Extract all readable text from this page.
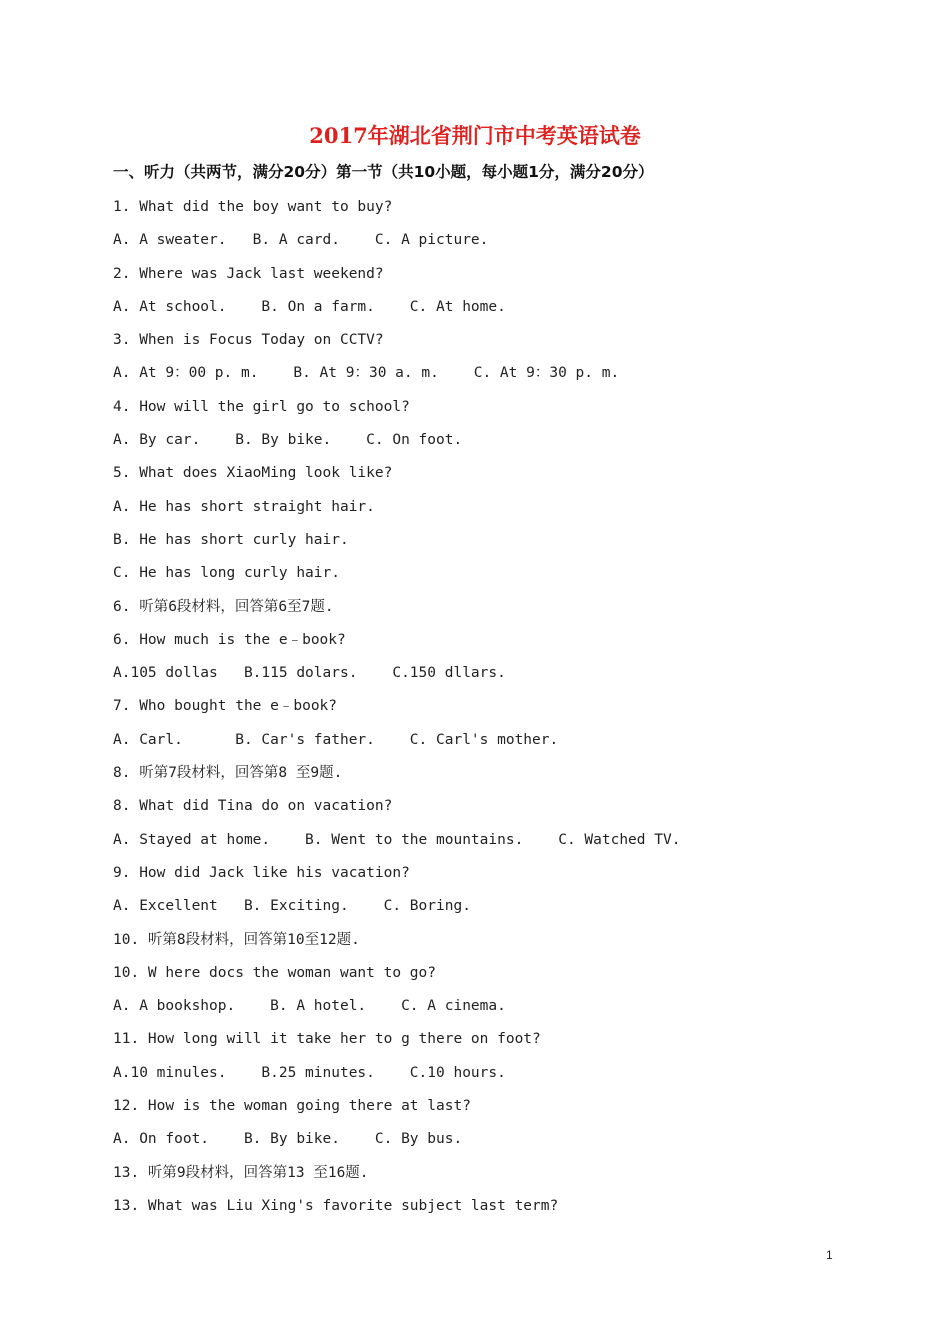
2017年湖北省荆门市中考英语试卷
一、听力（共两节，满分20分）第一节（共10小题，每小题1分，满分20分）
1. What did the boy want to buy?
A. A sweater.   B. A card.    C. A picture.
2. Where was Jack last weekend?
A. At school.    B. On a farm.    C. At home.
3. When is Focus Today on CCTV?
A. At 9：00 p. m.    B. At 9：30 a. m.    C. At 9：30 p. m.
4. How will the girl go to school?
A. By car.    B. By bike.    C. On foot.
5. What does XiaoMing look like?
A. He has short straight hair.
B. He has short curly hair.
C. He has long curly hair.
6. 听第6段材料，回答第6至7题.
6. How much is the e﹣book?
A.105 dollas   B.115 dolars.    C.150 dllars.
7. Who bought the e﹣book?
A. Carl.      B. Car's father.    C. Carl's mother.
8. 听第7段材料，回答第8 至9题.
8. What did Tina do on vacation?
A. Stayed at home.    B. Went to the mountains.    C. Watched TV.
9. How did Jack like his vacation?
A. Excellent   B. Exciting.    C. Boring.
10. 听第8段材料，回答第10至12题.
10. W here docs the woman want to go?
A. A bookshop.    B. A hotel.    C. A cinema.
11. How long will it take her to g there on foot?
A.10 minules.    B.25 minutes.    C.10 hours.
12. How is the woman going there at last?
A. On foot.    B. By bike.    C. By bus.
13. 听第9段材料，回答第13 至16题.
13. What was Liu Xing's favorite subject last term?
1
